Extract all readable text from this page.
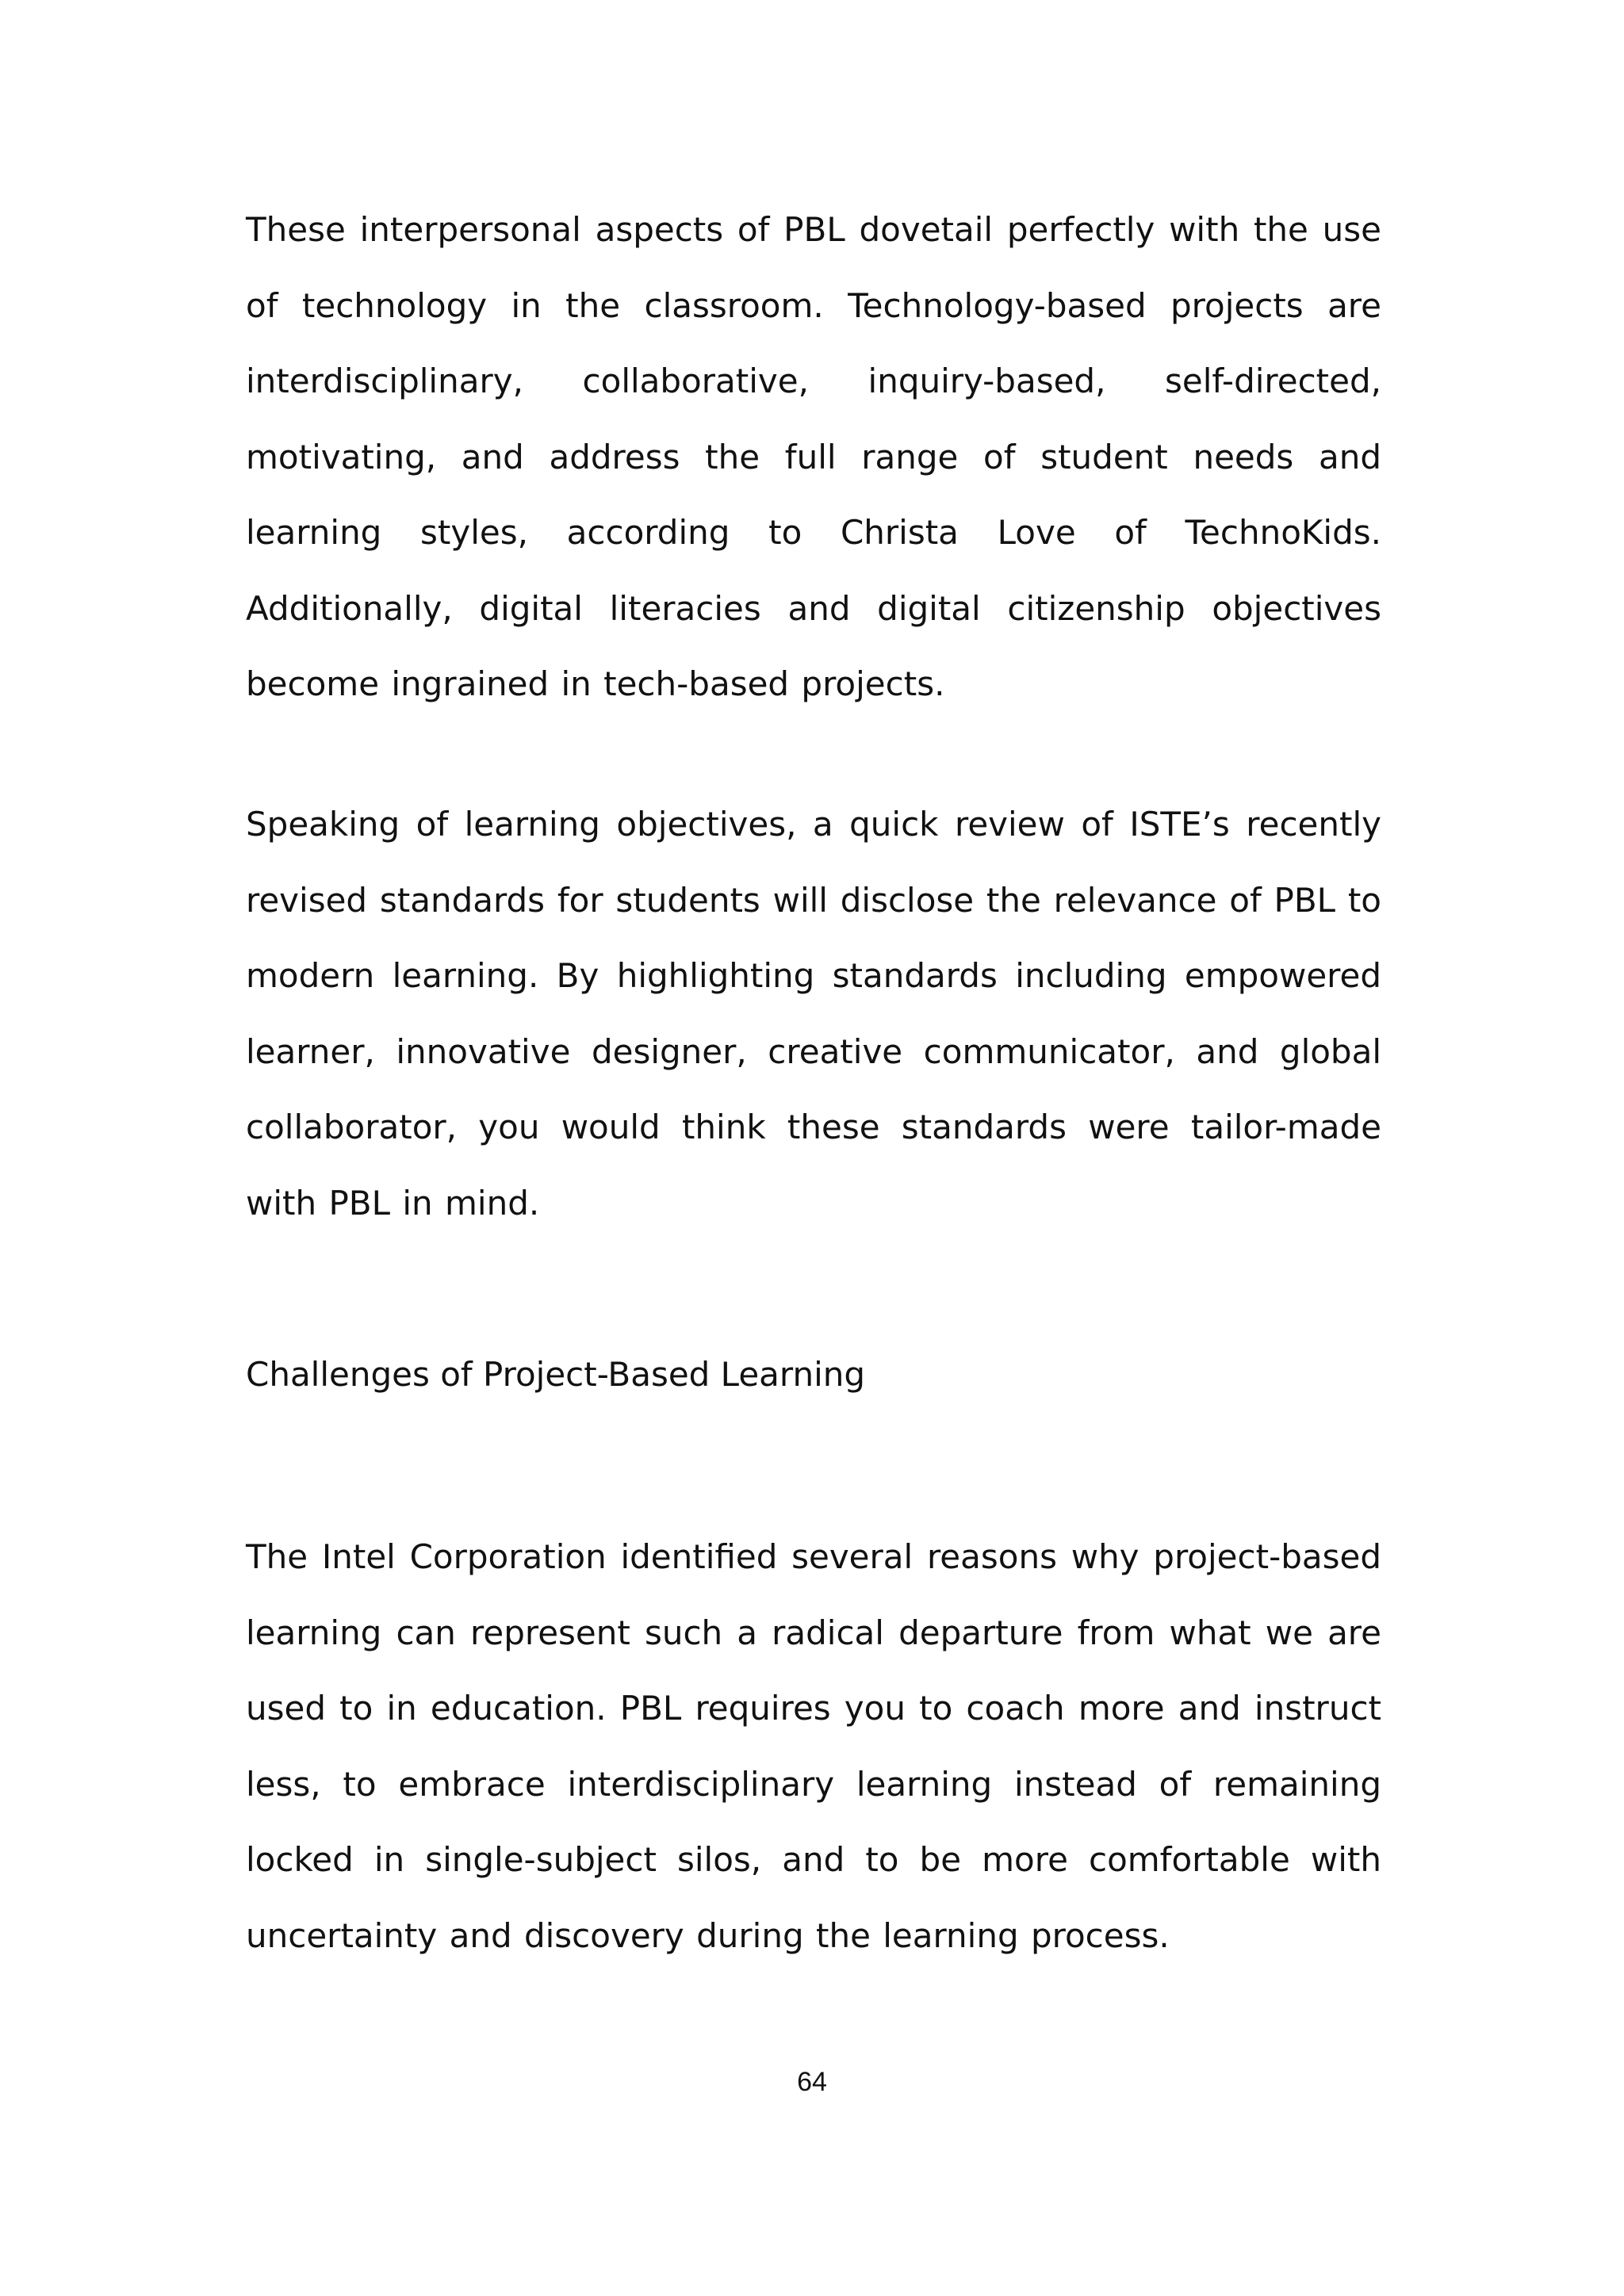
These interpersonal aspects of PBL dovetail perfectly with the use of technology in the classroom. Technology-based projects are interdisciplinary, collaborative, inquiry-based, self-directed, motivating, and address the full range of student needs and learning styles, according to Christa Love of TechnoKids. Additionally, digital literacies and digital citizenship objectives become ingrained in tech-based projects.

Speaking of learning objectives, a quick review of ISTE’s recently revised standards for students will disclose the relevance of PBL to modern learning. By highlighting standards including empowered learner, innovative designer, creative communicator, and global collaborator, you would think these standards were tailor-made with PBL in mind.

Challenges of Project-Based Learning

The Intel Corporation identified several reasons why project-based learning can represent such a radical departure from what we are used to in education. PBL requires you to coach more and instruct less, to embrace interdisciplinary learning instead of remaining locked in single-subject silos, and to be more comfortable with uncertainty and discovery during the learning process.

64
